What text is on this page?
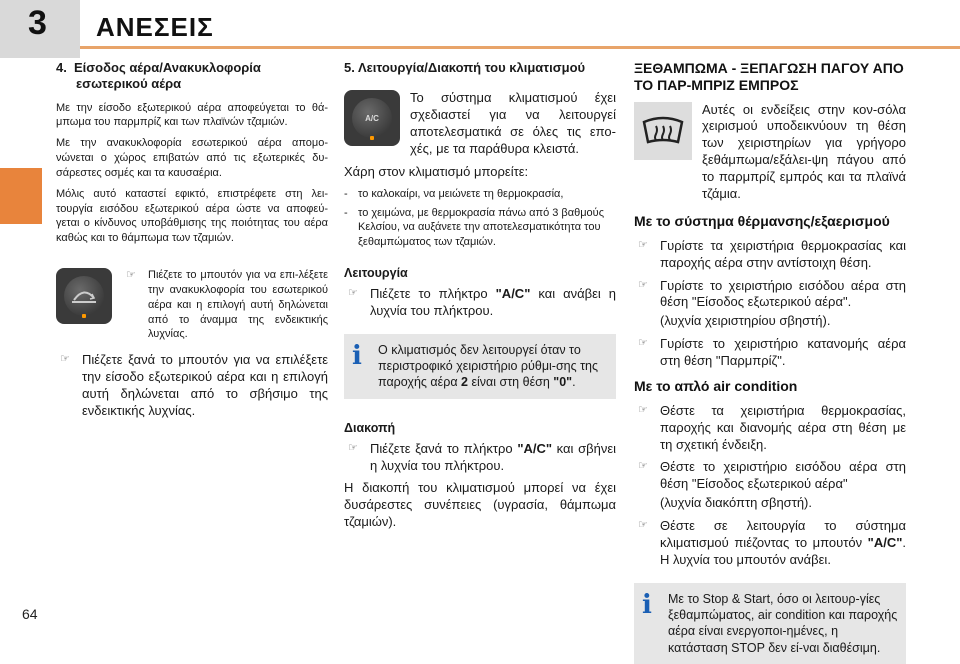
3 ΑΝΕΣΕΙΣ
64
4. Είσοδος αέρα/Ανακυκλοφορία
εσωτερικού αέρα

Με την είσοδο εξωτερικού αέρα αποφεύγεται το θά-μπωμα του παρμπρίζ και των πλαϊνών τζαμιών.

Με την ανακυκλοφορία εσωτερικού αέρα απομο-νώνεται ο χώρος επιβατών από τις εξωτερικές δυ-σάρεστες οσμές και τα καυσαέρια.

Μόλις αυτό καταστεί εφικτό, επιστρέφετε στη λει-τουργία εισόδου εξωτερικού αέρα ώστε να αποφεύ-γεται ο κίνδυνος υποβάθμισης της ποιότητας του αέρα καθώς και το θάμπωμα των τζαμιών.

☞ Πιέζετε το μπουτόν για να επι-λέξετε την ανακυκλοφορία του εσωτερικού αέρα και η επιλογή αυτή δηλώνεται από το άναμμα της ενδεικτικής λυχνίας.

☞ Πιέζετε ξανά το μπουτόν για να επιλέξετε την είσοδο εξωτερικού αέρα και η επιλογή αυτή δηλώνεται από το σβήσιμο της ενδεικτικής λυχνίας.

5. Λειτουργία/Διακοπή του κλιματισμού
A/C

Το σύστημα κλιματισμού έχει σχεδιαστεί για να λειτουργεί αποτελεσματικά σε όλες τις επο-χές, με τα παράθυρα κλειστά.

Χάρη στον κλιματισμό μπορείτε:

- το καλοκαίρι, να μειώνετε τη θερμοκρασία,

- το χειμώνα, με θερμοκρασία πάνω από 3 βαθμούς Κελσίου, να αυξάνετε την αποτελεσματικότητα του ξεθαμπώματος των τζαμιών.

Λειτουργία

☞ Πιέζετε το πλήκτρο "A/C" και ανάβει η λυχνία του πλήκτρου.

i Ο κλιματισμός δεν λειτουργεί όταν το περιστροφικό χειριστήριο ρύθμι-σης της παροχής αέρα 2 είναι στη θέση "0".
Διακοπή

☞ Πιέζετε ξανά το πλήκτρο "A/C" και σβήνει η λυχνία του πλήκτρου.

Η διακοπή του κλιματισμού μπορεί να έχει δυσάρεστες συνέπειες (υγρασία, θάμπωμα τζαμιών).

ΞΕΘΑΜΠΩΜΑ - ΞΕΠΑΓΩΣΗ ΠΑΓΟΥ ΑΠΟ ΤΟ ΠΑΡ-ΜΠΡΙΖ ΕΜΠΡΟΣ

Αυτές οι ενδείξεις στην κον-σόλα χειρισμού υποδεικνύουν τη θέση των χειριστηρίων για γρήγορο ξεθάμπωμα/εξάλει-ψη πάγου από το παρμπρίζ εμπρός και τα πλαϊνά τζάμια.

Με το σύστημα θέρμανσης/εξαερισμού

☞ Γυρίστε τα χειριστήρια θερμοκρασίας και παροχής αέρα στην αντίστοιχη θέση.

☞ Γυρίστε το χειριστήριο εισόδου αέρα στη θέση "Είσοδος εξωτερικού αέρα".

(λυχνία χειριστηρίου σβηστή).

☞ Γυρίστε το χειριστήριο κατανομής αέρα στη θέση "Παρμπρίζ".

Με το απλό air condition

☞ Θέστε τα χειριστήρια θερμοκρασίας, παροχής και διανομής αέρα στη θέση με τη σχετική ένδειξη.

☞ Θέστε το χειριστήριο εισόδου αέρα στη θέση "Είσοδος εξωτερικού αέρα"

(λυχνία διακόπτη σβηστή).

☞ Θέστε σε λειτουργία το σύστημα κλιματισμού πιέζοντας το μπουτόν "A/C". Η λυχνία του μπουτόν ανάβει.

i Με το Stop & Start, όσο οι λειτουρ-γίες ξεθαμπώματος, air condition και παροχής αέρα είναι ενεργοποι-ημένες, η κατάσταση STOP δεν εί-ναι διαθέσιμη.
